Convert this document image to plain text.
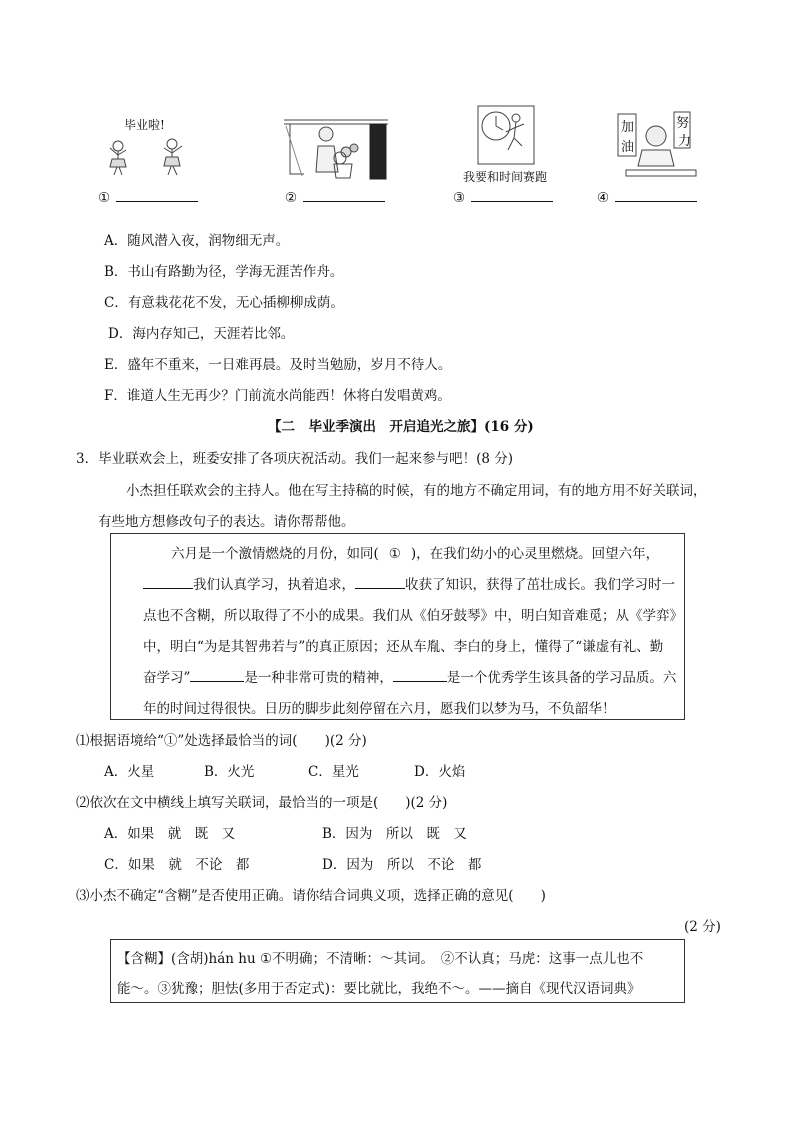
毕业啦!
①	②
我要和时间赛跑
③
加
油
努
力
④
A．随风潜入夜，润物细无声。
B．书山有路勤为径，学海无涯苦作舟。
C．有意栽花花不发，无心插柳柳成荫。
D．海内存知己，天涯若比邻。
E．盛年不重来，一日难再晨。及时当勉励，岁月不待人。
F．谁道人生无再少？门前流水尚能西！休将白发唱黄鸡。
【二　毕业季演出　开启追光之旅】(16 分)
3．毕业联欢会上，班委安排了各项庆祝活动。我们一起来参与吧！(8 分)
小杰担任联欢会的主持人。他在写主持稿的时候，有的地方不确定用词，有的地方用不好关联词，
有些地方想修改句子的表达。请你帮帮他。
六月是一个激情燃烧的月份，如同( ① )，在我们幼小的心灵里燃烧。回望六年，
我们认真学习，执着追求，	收获了知识，获得了茁壮成长。我们学习时一
点也不含糊，所以取得了不小的成果。我们从《伯牙鼓琴》中，明白知音难觅；从《学弈》
中，明白“为是其智弗若与”的真正原因；还从车胤、李白的身上，懂得了“谦虚有礼、勤
奋学习”	是一种非常可贵的精神，	是一个优秀学生该具备的学习品质。六
年的时间过得很快。日历的脚步此刻停留在六月，愿我们以梦为马，不负韶华！
⑴根据语境给“①”处选择最恰当的词(　　)(2 分)
A．火星	B．火光	C．星光	D．火焰
⑵依次在文中横线上填写关联词，最恰当的一项是(　　)(2 分)
A．如果　就　既　又	B．因为　所以　既　又
C．如果　就　不论　都	D．因为　所以　不论　都
⑶小杰不确定“含糊”是否使用正确。请你结合词典义项，选择正确的意见(　　)
(2 分)
【含糊】(含胡)hán hu ①不明确；不清晰：～其词。　②不认真；马虎：这事一点儿也不
能～。③犹豫；胆怯(多用于否定式)：要比就比，我绝不～。——摘自《现代汉语词典》
